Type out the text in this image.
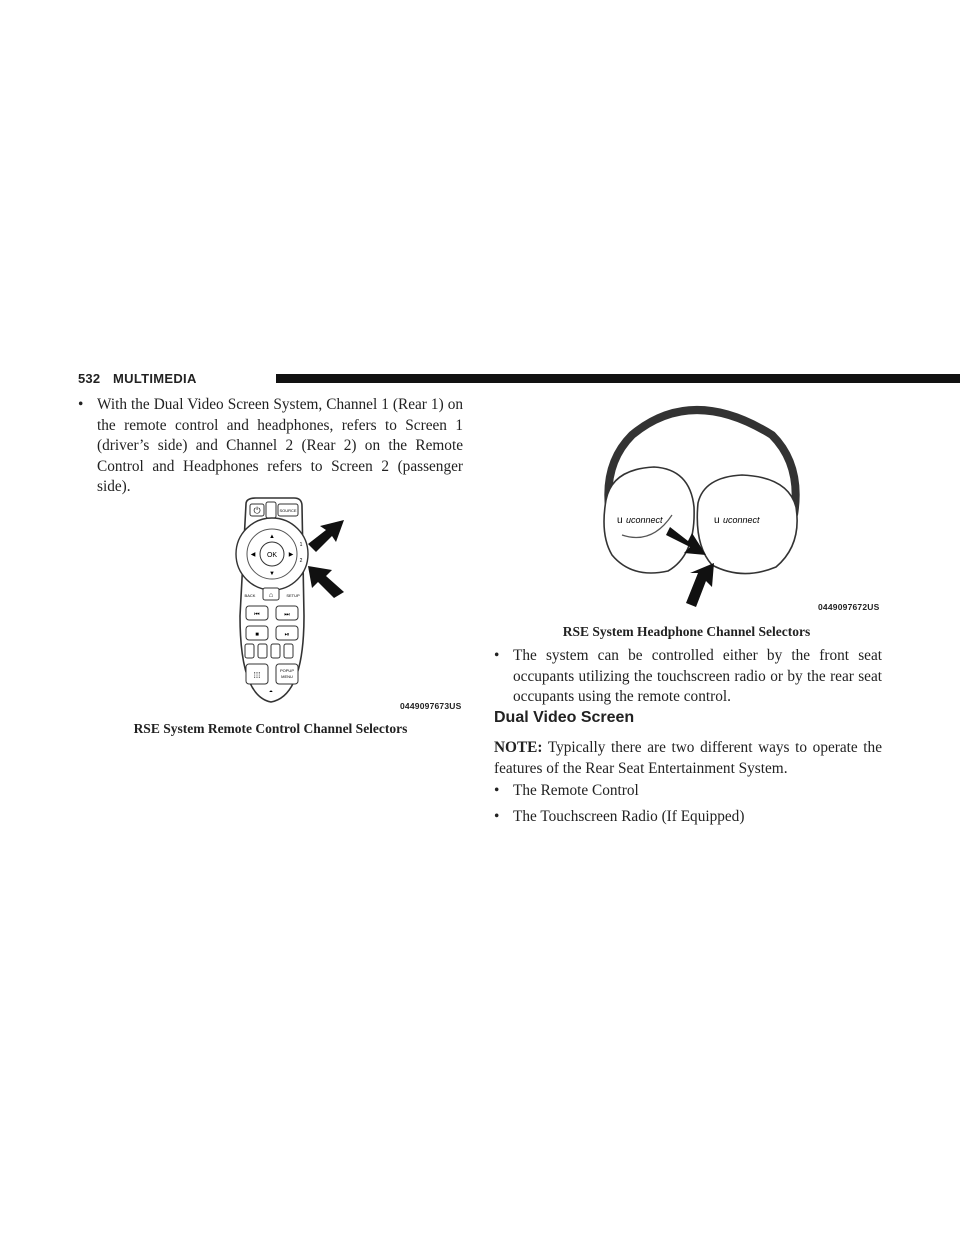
532 MULTIMEDIA
• With the Dual Video Screen System, Channel 1 (Rear 1) on the remote control and headphones, refers to Screen 1 (driver’s side) and Channel 2 (Rear 2) on the Remote Control and Headphones refers to Screen 2 (passenger side).
⏻	SOURCE
OK
▲
▼
◀	▶
1
2
BACK ⌂	SETUP
⏮	⏭
■	⏯
⁞⁞⁞
POPUP
MENU
◓
0449097673US
RSE System Remote Control Channel Selectors
u uconnect	u uconnect
0449097672US
RSE System Headphone Channel Selectors
• The system can be controlled either by the front seat occupants utilizing the touchscreen radio or by the rear seat occupants using the remote control.
Dual Video Screen
NOTE: Typically there are two different ways to operate the features of the Rear Seat Entertainment System.
• The Remote Control
• The Touchscreen Radio (If Equipped)
